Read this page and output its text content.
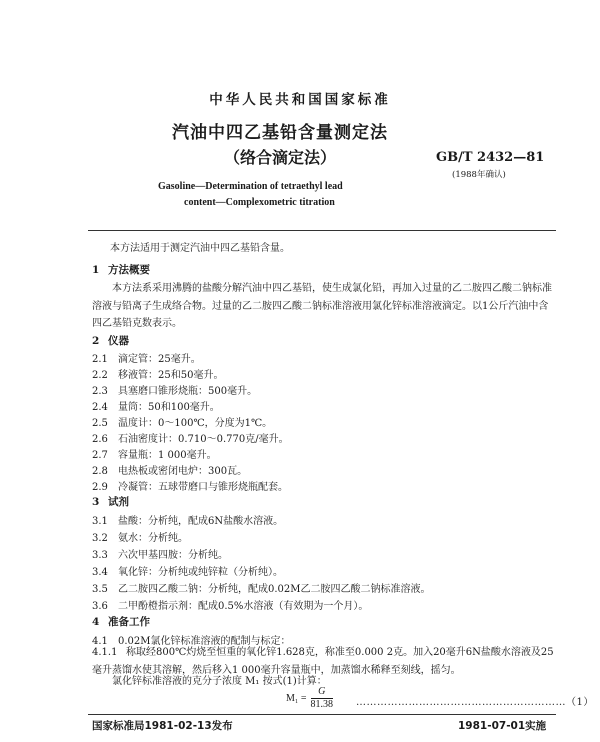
中华人民共和国国家标准
汽油中四乙基铅含量测定法
（络合滴定法）	GB/T 2432—81
(1988年确认)
Gasoline—Determination of tetraethyl lead
content—Complexometric titration
本方法适用于测定汽油中四乙基铅含量。
1 方法概要
本方法系采用沸腾的盐酸分解汽油中四乙基铅，使生成氯化铅，再加入过量的乙二胺四乙酸二钠标准溶液与铅离子生成络合物。过量的乙二胺四乙酸二钠标准溶液用氯化锌标准溶液滴定。以1公斤汽油中含四乙基铅克数表示。
2 仪器
2.1 滴定管：25毫升。
2.2 移液管：25和50毫升。
2.3 具塞磨口锥形烧瓶：500毫升。
2.4 量筒：50和100毫升。
2.5 温度计：0～100℃，分度为1℃。
2.6 石油密度计：0.710～0.770克/毫升。
2.7 容量瓶：1 000毫升。
2.8 电热板或密闭电炉：300瓦。
2.9 冷凝管：五球带磨口与锥形烧瓶配套。
3 试剂
3.1 盐酸：分析纯，配成6N盐酸水溶液。
3.2 氨水：分析纯。
3.3 六次甲基四胺：分析纯。
3.4 氧化锌：分析纯或纯锌粒（分析纯）。
3.5 乙二胺四乙酸二钠：分析纯，配成0.02M乙二胺四乙酸二钠标准溶液。
3.6 二甲酚橙指示剂：配成0.5%水溶液（有效期为一个月）。
4 准备工作
4.1 0.02M氯化锌标准溶液的配制与标定：
4.1.1 称取经800℃灼烧至恒重的氧化锌1.628克，称准至0.000 2克。加入20毫升6N盐酸水溶液及25毫升蒸馏水使其溶解，然后移入1 000毫升容量瓶中，加蒸馏水稀释至刻线，摇匀。
氯化锌标准溶液的克分子浓度 M₁ 按式(1)计算：
$M_1 = \frac{G}{81.38}$ ……………………………………………………（1）
国家标准局1981-02-13发布	1981-07-01实施
